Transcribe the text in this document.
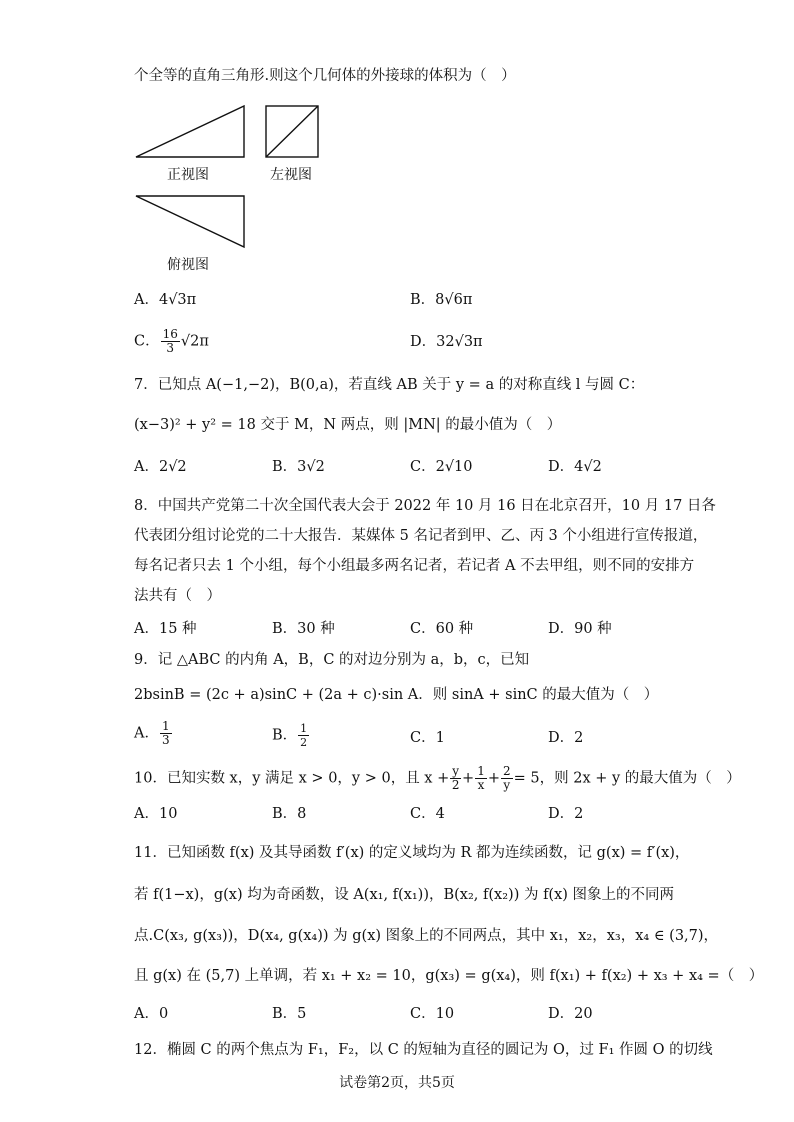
个全等的直角三角形.则这个几何体的外接球的体积为（　）
正视图	左视图
俯视图
A．4√3π	B．8√6π
C． $\frac{16}{3} √2\pi$	D．32√3π
7．已知点 A(−1,−2)，B(0,a)，若直线 AB 关于 y = a 的对称直线 l 与圆 C：
(x−3)² + y² = 18 交于 M，N 两点，则 |MN| 的最小值为（　）
A．2√2	B．3√2	C．2√10	D．4√2
8．中国共产党第二十次全国代表大会于 2022 年 10 月 16 日在北京召开，10 月 17 日各
代表团分组讨论党的二十大报告．某媒体 5 名记者到甲、乙、丙 3 个小组进行宣传报道，
每名记者只去 1 个小组，每个小组最多两名记者，若记者 A 不去甲组，则不同的安排方
法共有（　）
A．15 种	B．30 种	C．60 种	D．90 种
9．记 △ABC 的内角 A，B，C 的对边分别为 a，b，c，已知
2bsinB = (2c + a)sinC + (2a + c)·sin A．则 sinA + sinC 的最大值为（　）
A． $\frac{1}{3}$	B． $\frac{1}{2}$	C．1	D．2
10．已知实数 x，y 满足 x > 0，y > 0，且 $x + \frac{y}{2} + \frac{1}{x} + \frac{2}{y} = 5$，则 2x + y 的最大值为（　）
A．10	B．8	C．4	D．2
11．已知函数 f(x) 及其导函数 f′(x) 的定义域均为 R 都为连续函数，记 g(x) = f′(x)，
若 f(1−x)，g(x) 均为奇函数，设 A(x₁, f(x₁))，B(x₂, f(x₂)) 为 f(x) 图象上的不同两
点.C(x₃, g(x₃))，D(x₄, g(x₄)) 为 g(x) 图象上的不同两点，其中 x₁，x₂，x₃，x₄ ∈ (3,7)，
且 g(x) 在 (5,7) 上单调，若 x₁ + x₂ = 10，g(x₃) = g(x₄)，则 f(x₁) + f(x₂) + x₃ + x₄ =（　）
A．0	B．5	C．10	D．20
12．椭圆 C 的两个焦点为 F₁，F₂，以 C 的短轴为直径的圆记为 O，过 F₁ 作圆 O 的切线
试卷第2页，共5页
